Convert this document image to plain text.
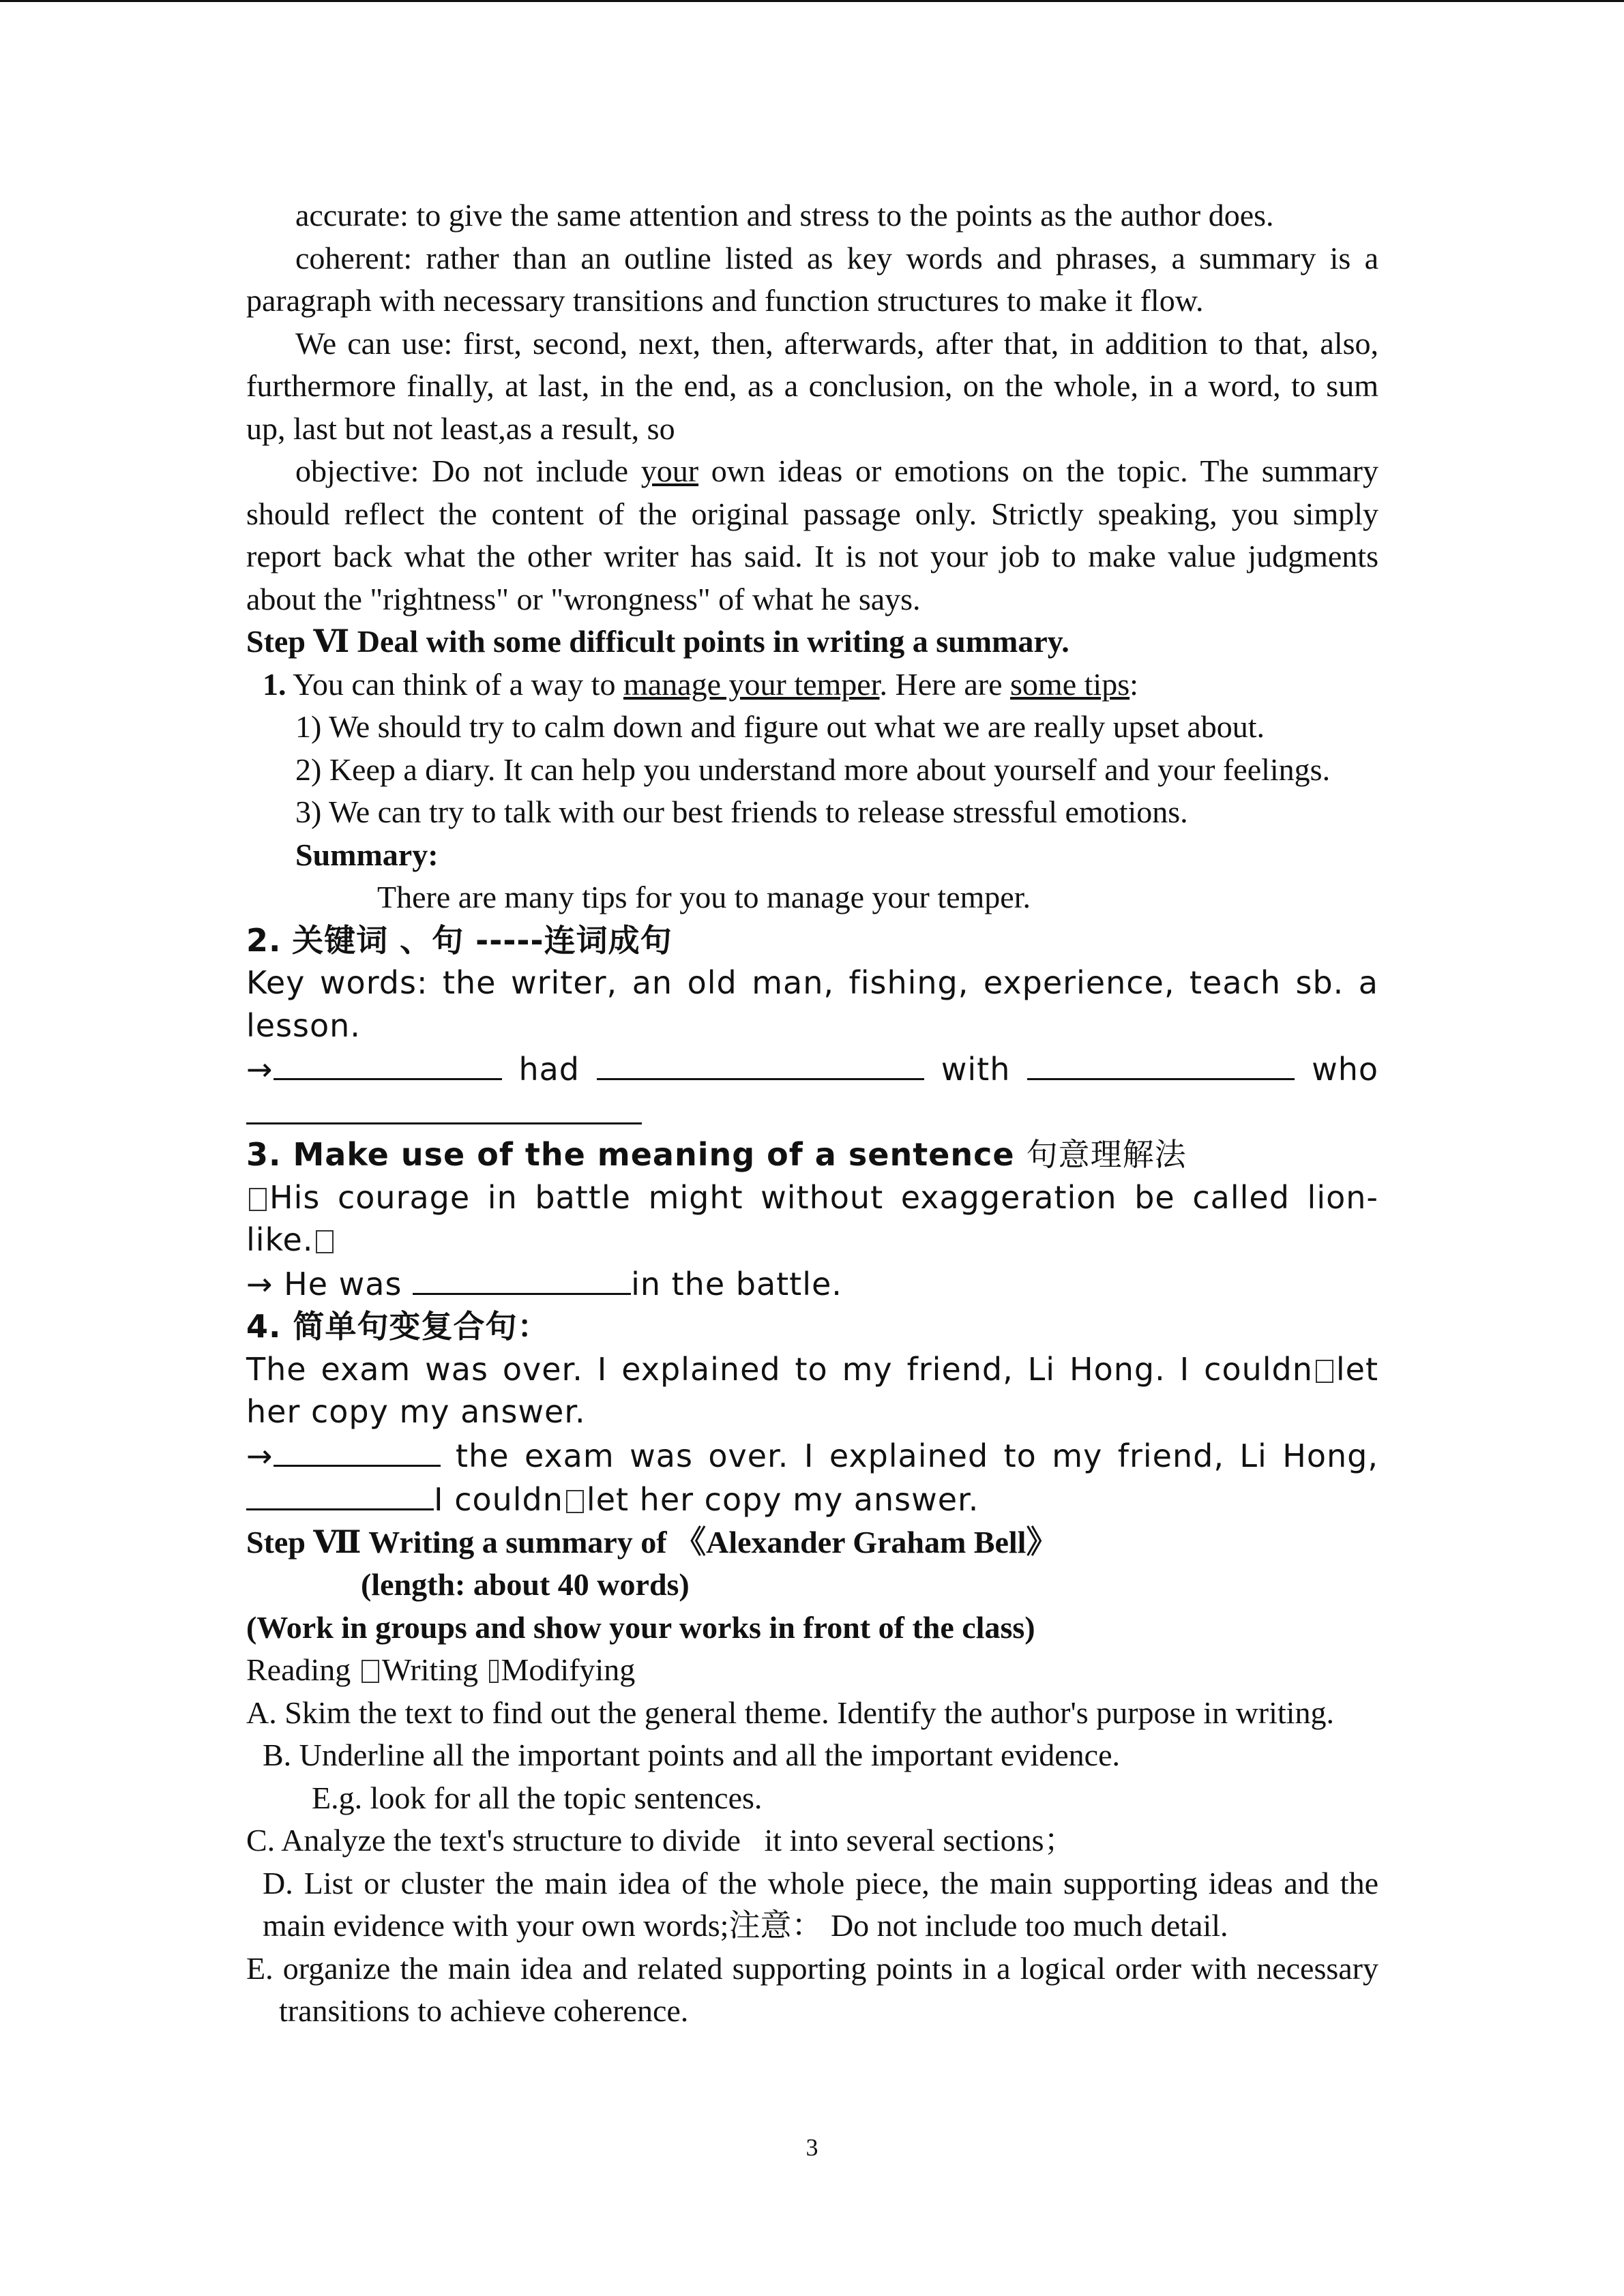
accurate: to give the same attention and stress to the points as the author does.

coherent: rather than an outline listed as key words and phrases, a summary is a paragraph with necessary transitions and function structures to make it flow.

We can use: first, second, next, then, afterwards, after that, in addition to that, also, furthermore finally, at last, in the end, as a conclusion, on the whole, in a word, to sum up, last but not least,as a result, so

objective: Do not include your own ideas or emotions on the topic. The summary should reflect the content of the original passage only. Strictly speaking, you simply report back what the other writer has said. It is not your job to make value judgments about the "rightness" or "wrongness" of what he says.

Step Ⅵ Deal with some difficult points in writing a summary.

1. You can think of a way to manage your temper. Here are some tips:

1) We should try to calm down and figure out what we are really upset about.

2) Keep a diary. It can help you understand more about yourself and your feelings.

3) We can try to talk with our best friends to release stressful emotions.

Summary:

There are many tips for you to manage your temper.

2. 关键词 、句 -----连词成句

Key words: the writer, an old man, fishing, experience, teach sb. a lesson.

→	had	with	who

3. Make use of the meaning of a sentence 句意理解法

His courage in battle might without exaggeration be called lion-like.

→ He was	in the battle.

4. 简单句变复合句：

The exam was over. I explained to my friend, Li Hong. I couldn let her copy my answer.

→	the exam was over. I explained to my friend, Li Hong,

I couldn let her copy my answer.

Step Ⅶ Writing a summary of 《Alexander Graham Bell》

(length: about 40 words)

(Work in groups and show your works in front of the class)

Reading Writing Modifying

A. Skim the text to find out the general theme. Identify the author's purpose in writing.

B. Underline all the important points and all the important evidence.

E.g. look for all the topic sentences.

C. Analyze the text's structure to divide   it into several sections；

D. List or cluster the main idea of the whole piece, the main supporting ideas and the main evidence with your own words;注意： Do not include too much detail.

E. organize the main idea and related supporting points in a logical order with necessary transitions to achieve coherence.

3
